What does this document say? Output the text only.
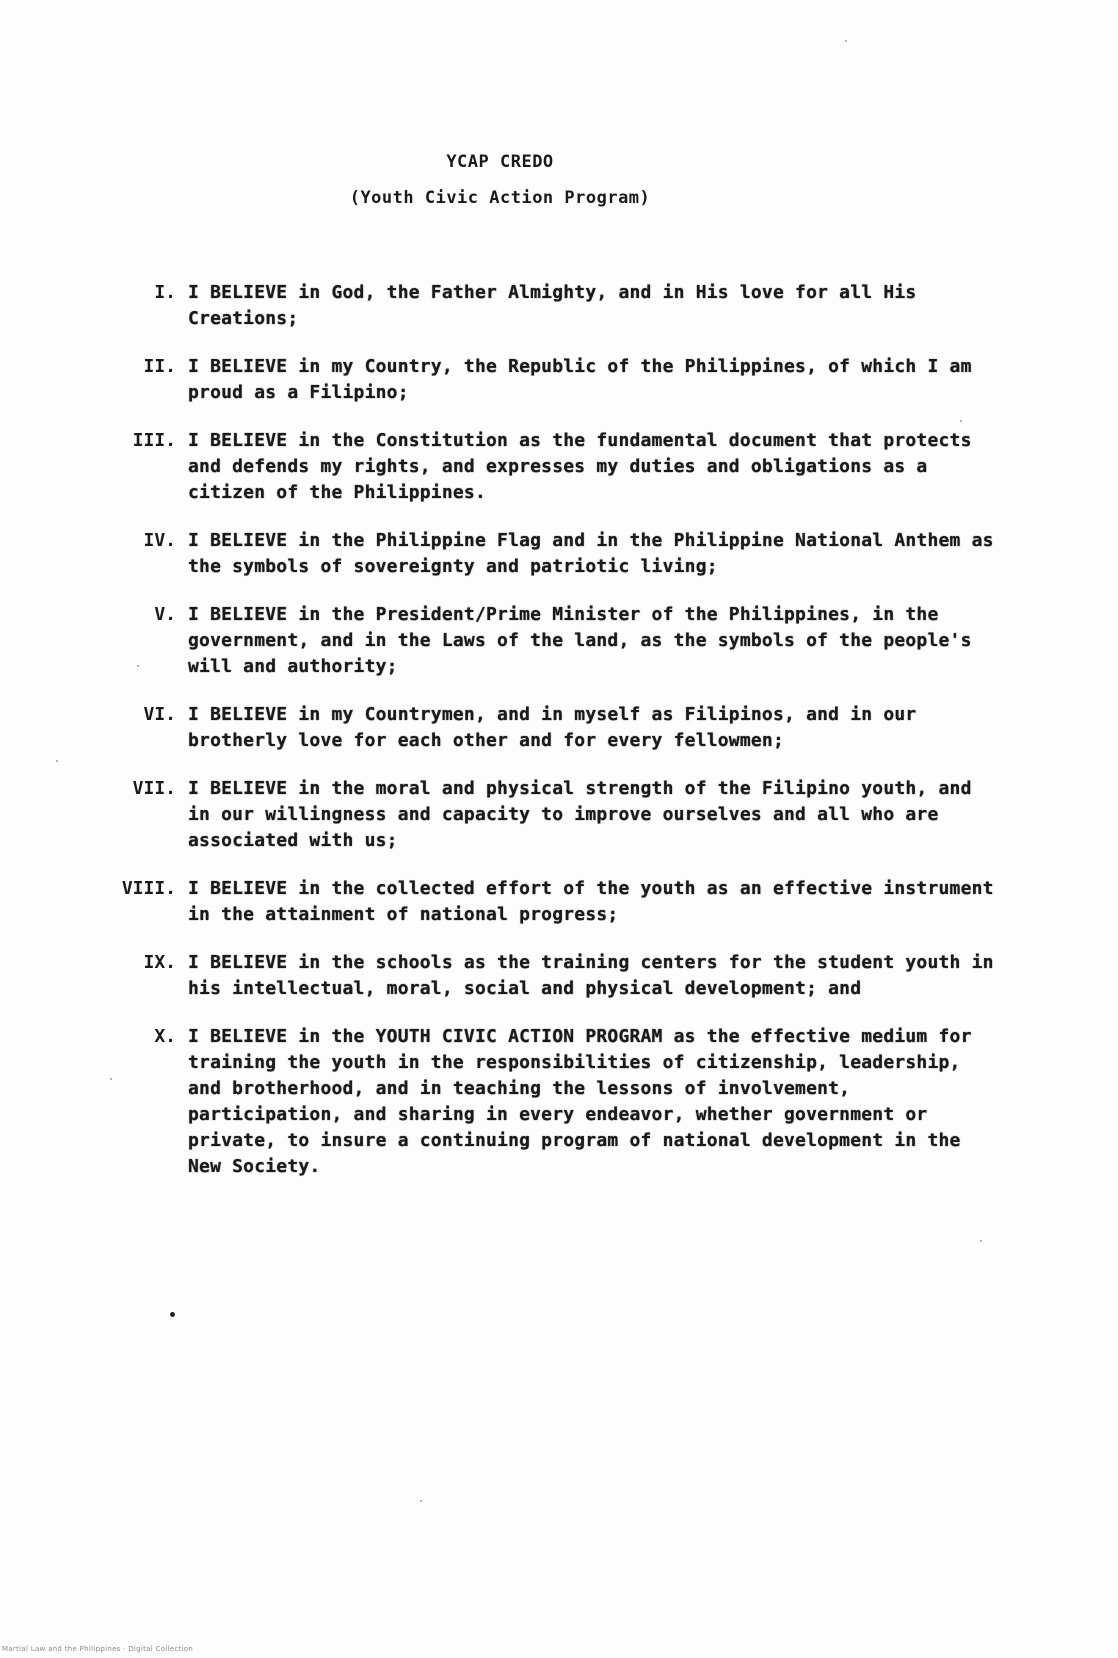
YCAP CREDO
(Youth Civic Action Program)
I. I BELIEVE in God, the Father Almighty, and in His love for all His Creations;
II. I BELIEVE in my Country, the Republic of the Philippines, of which I am proud as a Filipino;
III. I BELIEVE in the Constitution as the fundamental document that protects and defends my rights, and expresses my duties and obligations as a citizen of the Philippines.
IV. I BELIEVE in the Philippine Flag and in the Philippine National Anthem as the symbols of sovereignty and patriotic living;
V. I BELIEVE in the President/Prime Minister of the Philippines, in the government, and in the Laws of the land, as the symbols of the people's will and authority;
VI. I BELIEVE in my Countrymen, and in myself as Filipinos, and in our brotherly love for each other and for every fellowmen;
VII. I BELIEVE in the moral and physical strength of the Filipino youth, and in our willingness and capacity to improve ourselves and all who are associated with us;
VIII. I BELIEVE in the collected effort of the youth as an effective instrument in the attainment of national progress;
IX. I BELIEVE in the schools as the training centers for the student youth in his intellectual, moral, social and physical development; and
X. I BELIEVE in the YOUTH CIVIC ACTION PROGRAM as the effective medium for training the youth in the responsibilities of citizenship, leadership, and brotherhood, and in teaching the lessons of involvement, participation, and sharing in every endeavor, whether government or private, to insure a continuing program of national development in the New Society.
Martial Law and the Philippines · Digital Collection
